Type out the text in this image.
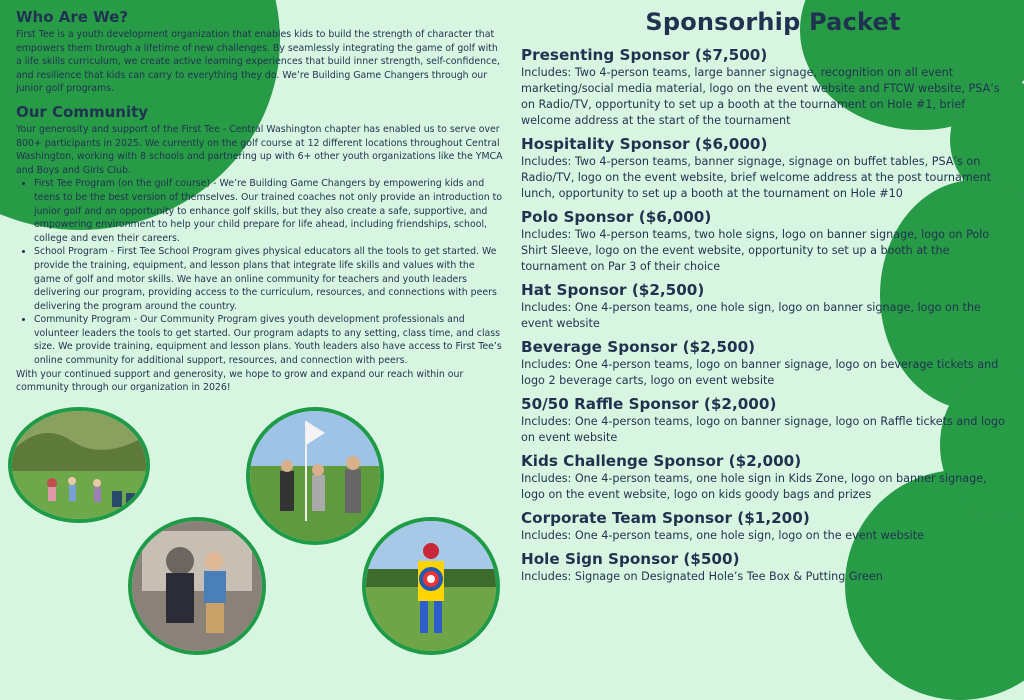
Who Are We?

First Tee is a youth development organization that enables kids to build the strength of character that empowers them through a lifetime of new challenges. By seamlessly integrating the game of golf with a life skills curriculum, we create active learning experiences that build inner strength, self-confidence, and resilience that kids can carry to everything they do. We’re Building Game Changers through our junior golf programs.

Our Community

Your generosity and support of the First Tee - Central Washington chapter has enabled us to serve over 800+ participants in 2025. We currently on the golf course at 12 different locations throughout Central Washington, working with 8 schools and partnering up with 6+ other youth organizations like the YMCA and Boys and Girls Club.

• First Tee Program (on the golf course) - We’re Building Game Changers by empowering kids and teens to be the best version of themselves. Our trained coaches not only provide an introduction to junior golf and an opportunity to enhance golf skills, but they also create a safe, supportive, and empowering environment to help your child prepare for life ahead, including friendships, school, college and even their careers.
• School Program - First Tee School Program gives physical educators all the tools to get started. We provide the training, equipment, and lesson plans that integrate life skills and values with the game of golf and motor skills. We have an online community for teachers and youth leaders delivering our program, providing access to the curriculum, resources, and connections with peers delivering the program around the country.
• Community Program - Our Community Program gives youth development professionals and volunteer leaders the tools to get started. Our program adapts to any setting, class time, and class size. We provide training, equipment and lesson plans. Youth leaders also have access to First Tee’s online community for additional support, resources, and connection with peers.

With your continued support and generosity, we hope to grow and expand our reach within our community through our organization in 2026!

Sponsorhip Packet
Presenting Sponsor ($7,500)
Includes: Two 4-person teams, large banner signage, recognition on all event marketing/social media material, logo on the event website and FTCW website, PSA’s on Radio/TV, opportunity to set up a booth at the tournament on Hole #1, brief welcome address at the start of the tournament
Hospitality Sponsor ($6,000)
Includes: Two 4-person teams, banner signage, signage on buffet tables, PSA’s on Radio/TV, logo on the event website, brief welcome address at the post tournament lunch, opportunity to set up a booth at the tournament on Hole #10
Polo Sponsor ($6,000)
Includes: Two 4-person teams, two hole signs, logo on banner signage, logo on Polo Shirt Sleeve, logo on the event website, opportunity to set up a booth at the tournament on Par 3 of their choice
Hat Sponsor ($2,500)
Includes: One 4-person teams, one hole sign, logo on banner signage, logo on the event website
Beverage Sponsor ($2,500)
Includes: One 4-person teams, logo on banner signage, logo on beverage tickets and logo 2 beverage carts, logo on event website
50/50 Raffle Sponsor ($2,000)
Includes: One 4-person teams, logo on banner signage, logo on Raffle tickets and logo on event website
Kids Challenge Sponsor ($2,000)
Includes: One 4-person teams, one hole sign in Kids Zone, logo on banner signage, logo on the event website, logo on kids goody bags and prizes
Corporate Team Sponsor ($1,200)
Includes: One 4-person teams, one hole sign, logo on the event website
Hole Sign Sponsor ($500)
Includes: Signage on Designated Hole’s Tee Box & Putting Green
